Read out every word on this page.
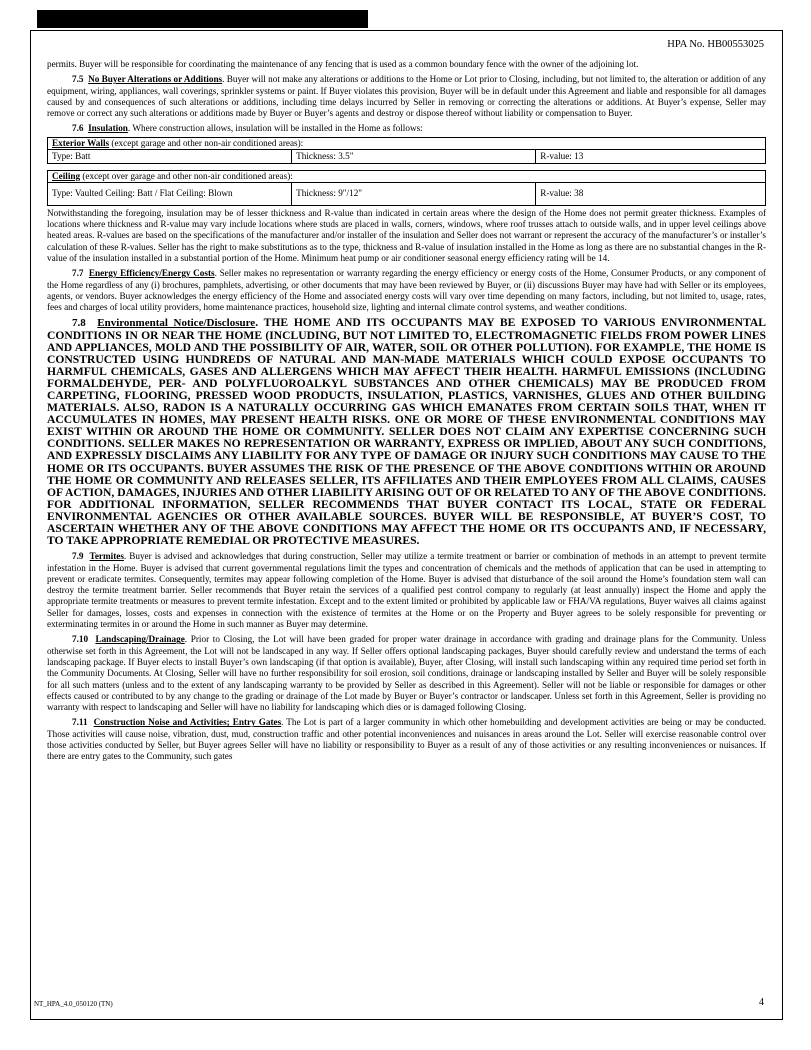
HPA No. HB00553025

permits. Buyer will be responsible for coordinating the maintenance of any fencing that is used as a common boundary fence with the owner of the adjoining lot.

7.5 No Buyer Alterations or Additions. Buyer will not make any alterations or additions to the Home or Lot prior to Closing, including, but not limited to, the alteration or addition of any equipment, wiring, appliances, wall coverings, sprinkler systems or paint. If Buyer violates this provision, Buyer will be in default under this Agreement and liable and responsible for all damages caused by and consequences of such alterations or additions, including time delays incurred by Seller in removing or correcting the alterations or additions. At Buyer’s expense, Seller may remove or correct any such alterations or additions made by Buyer or Buyer’s agents and destroy or dispose thereof without liability or compensation to Buyer.

7.6 Insulation. Where construction allows, insulation will be installed in the Home as follows:

Exterior Walls (except garage and other non-air conditioned areas):
Type: Batt	Thickness: 3.5"	R-value: 13
Ceiling (except over garage and other non-air conditioned areas):
Type: Vaulted Ceiling: Batt / Flat Ceiling: Blown	Thickness: 9"/12"	R-value: 38

Notwithstanding the foregoing, insulation may be of lesser thickness and R-value than indicated in certain areas where the design of the Home does not permit greater thickness. Examples of locations where thickness and R-value may vary include locations where studs are placed in walls, corners, windows, where roof trusses attach to outside walls, and in upper level ceilings above heated areas. R-values are based on the specifications of the manufacturer and/or installer of the insulation and Seller does not warrant or represent the accuracy of the manufacturer’s or installer’s calculation of these R-values. Seller has the right to make substitutions as to the type, thickness and R-value of insulation installed in the Home as long as there are no substantial changes in the R-value of the insulation installed in a substantial portion of the Home. Minimum heat pump or air conditioner seasonal energy efficiency rating will be 14.

7.7 Energy Efficiency/Energy Costs. Seller makes no representation or warranty regarding the energy efficiency or energy costs of the Home, Consumer Products, or any component of the Home regardless of any (i) brochures, pamphlets, advertising, or other documents that may have been reviewed by Buyer, or (ii) discussions Buyer may have had with Seller or its employees, agents, or vendors. Buyer acknowledges the energy efficiency of the Home and associated energy costs will vary over time depending on many factors, including, but not limited to, usage, rates, fees and charges of local utility providers, home maintenance practices, household size, lighting and internal climate control systems, and weather conditions.

7.8 Environmental Notice/Disclosure. THE HOME AND ITS OCCUPANTS MAY BE EXPOSED TO VARIOUS ENVIRONMENTAL CONDITIONS IN OR NEAR THE HOME (INCLUDING, BUT NOT LIMITED TO, ELECTROMAGNETIC FIELDS FROM POWER LINES AND APPLIANCES, MOLD AND THE POSSIBILITY OF AIR, WATER, SOIL OR OTHER POLLUTION). FOR EXAMPLE, THE HOME IS CONSTRUCTED USING HUNDREDS OF NATURAL AND MAN-MADE MATERIALS WHICH COULD EXPOSE OCCUPANTS TO HARMFUL CHEMICALS, GASES AND ALLERGENS WHICH MAY AFFECT THEIR HEALTH. HARMFUL EMISSIONS (INCLUDING FORMALDEHYDE, PER- AND POLYFLUOROALKYL SUBSTANCES AND OTHER CHEMICALS) MAY BE PRODUCED FROM CARPETING, FLOORING, PRESSED WOOD PRODUCTS, INSULATION, PLASTICS, VARNISHES, GLUES AND OTHER BUILDING MATERIALS. ALSO, RADON IS A NATURALLY OCCURRING GAS WHICH EMANATES FROM CERTAIN SOILS THAT, WHEN IT ACCUMULATES IN HOMES, MAY PRESENT HEALTH RISKS. ONE OR MORE OF THESE ENVIRONMENTAL CONDITIONS MAY EXIST WITHIN OR AROUND THE HOME OR COMMUNITY. SELLER DOES NOT CLAIM ANY EXPERTISE CONCERNING SUCH CONDITIONS. SELLER MAKES NO REPRESENTATION OR WARRANTY, EXPRESS OR IMPLIED, ABOUT ANY SUCH CONDITIONS, AND EXPRESSLY DISCLAIMS ANY LIABILITY FOR ANY TYPE OF DAMAGE OR INJURY SUCH CONDITIONS MAY CAUSE TO THE HOME OR ITS OCCUPANTS. BUYER ASSUMES THE RISK OF THE PRESENCE OF THE ABOVE CONDITIONS WITHIN OR AROUND THE HOME OR COMMUNITY AND RELEASES SELLER, ITS AFFILIATES AND THEIR EMPLOYEES FROM ALL CLAIMS, CAUSES OF ACTION, DAMAGES, INJURIES AND OTHER LIABILITY ARISING OUT OF OR RELATED TO ANY OF THE ABOVE CONDITIONS. FOR ADDITIONAL INFORMATION, SELLER RECOMMENDS THAT BUYER CONTACT ITS LOCAL, STATE OR FEDERAL ENVIRONMENTAL AGENCIES OR OTHER AVAILABLE SOURCES. BUYER WILL BE RESPONSIBLE, AT BUYER’S COST, TO ASCERTAIN WHETHER ANY OF THE ABOVE CONDITIONS MAY AFFECT THE HOME OR ITS OCCUPANTS AND, IF NECESSARY, TO TAKE APPROPRIATE REMEDIAL OR PROTECTIVE MEASURES.

7.9 Termites. Buyer is advised and acknowledges that during construction, Seller may utilize a termite treatment or barrier or combination of methods in an attempt to prevent termite infestation in the Home. Buyer is advised that current governmental regulations limit the types and concentration of chemicals and the methods of application that can be used in attempting to prevent or eradicate termites. Consequently, termites may appear following completion of the Home. Buyer is advised that disturbance of the soil around the Home’s foundation stem wall can destroy the termite treatment barrier. Seller recommends that Buyer retain the services of a qualified pest control company to regularly (at least annually) inspect the Home and apply the appropriate termite treatments or measures to prevent termite infestation. Except and to the extent limited or prohibited by applicable law or FHA/VA regulations, Buyer waives all claims against Seller for damages, losses, costs and expenses in connection with the existence of termites at the Home or on the Property and Buyer agrees to be solely responsible for preventing or exterminating termites in or around the Home in such manner as Buyer may determine.

7.10 Landscaping/Drainage. Prior to Closing, the Lot will have been graded for proper water drainage in accordance with grading and drainage plans for the Community. Unless otherwise set forth in this Agreement, the Lot will not be landscaped in any way. If Seller offers optional landscaping packages, Buyer should carefully review and understand the terms of each landscaping package. If Buyer elects to install Buyer’s own landscaping (if that option is available), Buyer, after Closing, will install such landscaping within any required time period set forth in the Community Documents. At Closing, Seller will have no further responsibility for soil erosion, soil conditions, drainage or landscaping installed by Seller and Buyer will be solely responsible for all such matters (unless and to the extent of any landscaping warranty to be provided by Seller as described in this Agreement). Seller will not be liable or responsible for damages or other effects caused or contributed to by any change to the grading or drainage of the Lot made by Buyer or Buyer’s contractor or landscaper. Unless set forth in this Agreement, Seller is providing no warranty with respect to landscaping and Seller will have no liability for landscaping which dies or is damaged following Closing.

7.11 Construction Noise and Activities; Entry Gates. The Lot is part of a larger community in which other homebuilding and development activities are being or may be conducted. Those activities will cause noise, vibration, dust, mud, construction traffic and other potential inconveniences and nuisances in areas around the Lot. Seller will exercise reasonable control over those activities conducted by Seller, but Buyer agrees Seller will have no liability or responsibility to Buyer as a result of any of those activities or any resulting inconveniences or nuisances. If there are entry gates to the Community, such gates

NT_HPA_4.0_050120 (TN)	4
